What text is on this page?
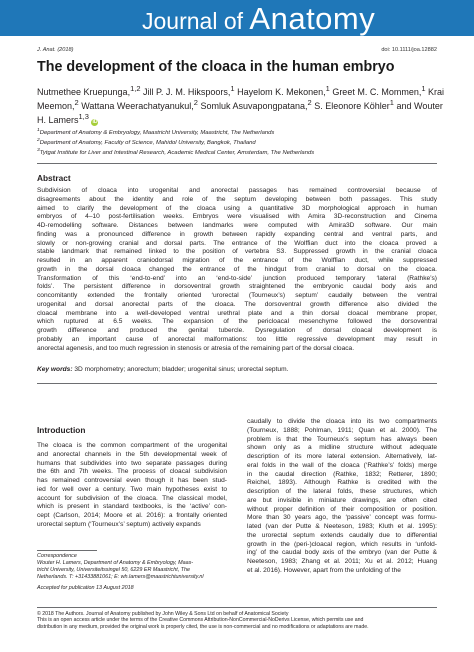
Journal of Anatomy
J. Anat. (2018)	doi: 10.1111/joa.12882
The development of the cloaca in the human embryo

Nutmethee Kruepunga,$^{1,2}$ Jill P. J. M. Hikspoors,$^1$ Hayelom K. Mekonen,$^1$ Greet M. C. Mommen,$^1$ Krai Meemon,$^2$ Wattana Weerachatyanukul,$^2$ Somluk Asuvapongpatana,$^2$ S. Eleonore Köhler$^1$ and Wouter H. Lamers$^{1,3}$ iD

$^1$Department of Anatomy & Embryology, Maastricht University, Maastricht, The Netherlands
$^2$Department of Anatomy, Faculty of Science, Mahidol University, Bangkok, Thailand
$^3$Tytgat Institute for Liver and Intestinal Research, Academic Medical Center, Amsterdam, The Netherlands
Abstract
Subdivision of cloaca into urogenital and anorectal passages has remained controversial because of
disagreements about the identity and role of the septum developing between both passages. This study
aimed to clarify the development of the cloaca using a quantitative 3D morphological approach in human
embryos of 4–10 post-fertilisation weeks. Embryos were visualised with Amira 3D-reconstruction and Cinema
4D-remodelling software. Distances between landmarks were computed with Amira3D software. Our main
finding was a pronounced difference in growth between rapidly expanding central and ventral parts, and
slowly or non-growing cranial and dorsal parts. The entrance of the Wolffian duct into the cloaca proved a
stable landmark that remained linked to the position of vertebra S3. Suppressed growth in the cranial cloaca
resulted in an apparent craniodorsal migration of the entrance of the Wolffian duct, while suppressed
growth in the dorsal cloaca changed the entrance of the hindgut from cranial to dorsal on the cloaca.
Transformation of this ‘end-to-end’ into an ‘end-to-side’ junction produced temporary ‘lateral (Rathke’s)
folds’. The persistent difference in dorsoventral growth straightened the embryonic caudal body axis and
concomitantly extended the frontally oriented ‘urorectal (Tourneux’s) septum’ caudally between the ventral
urogenital and dorsal anorectal parts of the cloaca. The dorsoventral growth difference also divided the
cloacal membrane into a well-developed ventral urethral plate and a thin dorsal cloacal membrane proper,
which ruptured at 6.5 weeks. The expansion of the pericloacal mesenchyme followed the dorsoventral
growth difference and produced the genital tubercle. Dysregulation of dorsal cloacal development is
probably an important cause of anorectal malformations: too little regressive development may result in
anorectal agenesis, and too much regression in stenosis or atresia of the remaining part of the dorsal cloaca.
Key words: 3D morphometry; anorectum; bladder; urogenital sinus; urorectal septum.
Introduction
The cloaca is the common compartment of the urogenital
and anorectal channels in the 5th developmental week of
humans that subdivides into two separate passages during
the 6th and 7th weeks. The process of cloacal subdivision
has remained controversial even though it has been stud-
ied for well over a century. Two main hypotheses exist to
account for subdivision of the cloaca. The classical model,
which is present in standard textbooks, is the ‘active’ con-
cept (Carlson, 2014; Moore et al. 2016): a frontally oriented
urorectal septum (‘Tourneux’s’ septum) actively expands
caudally to divide the cloaca into its two compartments
(Tourneux, 1888; Pohlman, 1911; Quan et al. 2000). The
problem is that the Tourneux’s septum has always been
shown only as a midline structure without adequate
description of its more lateral extension. Alternatively, lat-
eral folds in the wall of the cloaca (‘Rathke’s’ folds) merge
in the caudal direction (Rathke, 1832; Retterer, 1890;
Reichel, 1893). Although Rathke is credited with the
description of the lateral folds, these structures, which
are but invisible in miniature drawings, are often cited
without proper definition of their composition or position.
More than 30 years ago, the ‘passive’ concept was formu-
lated (van der Putte & Neeteson, 1983; Kluth et al. 1995):
the urorectal septum extends caudally due to differential
growth in the (peri-)cloacal region, which results in ‘unfold-
ing’ of the caudal body axis of the embryo (van der Putte &
Neeteson, 1983; Zhang et al. 2011; Xu et al. 2012; Huang
et al. 2016). However, apart from the unfolding of the
Correspondence
Wouter H. Lamers, Department of Anatomy & Embryology, Maas-
tricht University, Universiteitssingel 50, 6229 ER Maastricht, The
Netherlands. T: +31433881061; E: wh.lamers@maastrichtuniversity.nl
Accepted for publication 13 August 2018
© 2018 The Authors. Journal of Anatomy published by John Wiley & Sons Ltd on behalf of Anatomical Society
This is an open access article under the terms of the Creative Commons Attribution-NonCommercial-NoDerivs License, which permits use and
distribution in any medium, provided the original work is properly cited, the use is non-commercial and no modifications or adaptations are made.
